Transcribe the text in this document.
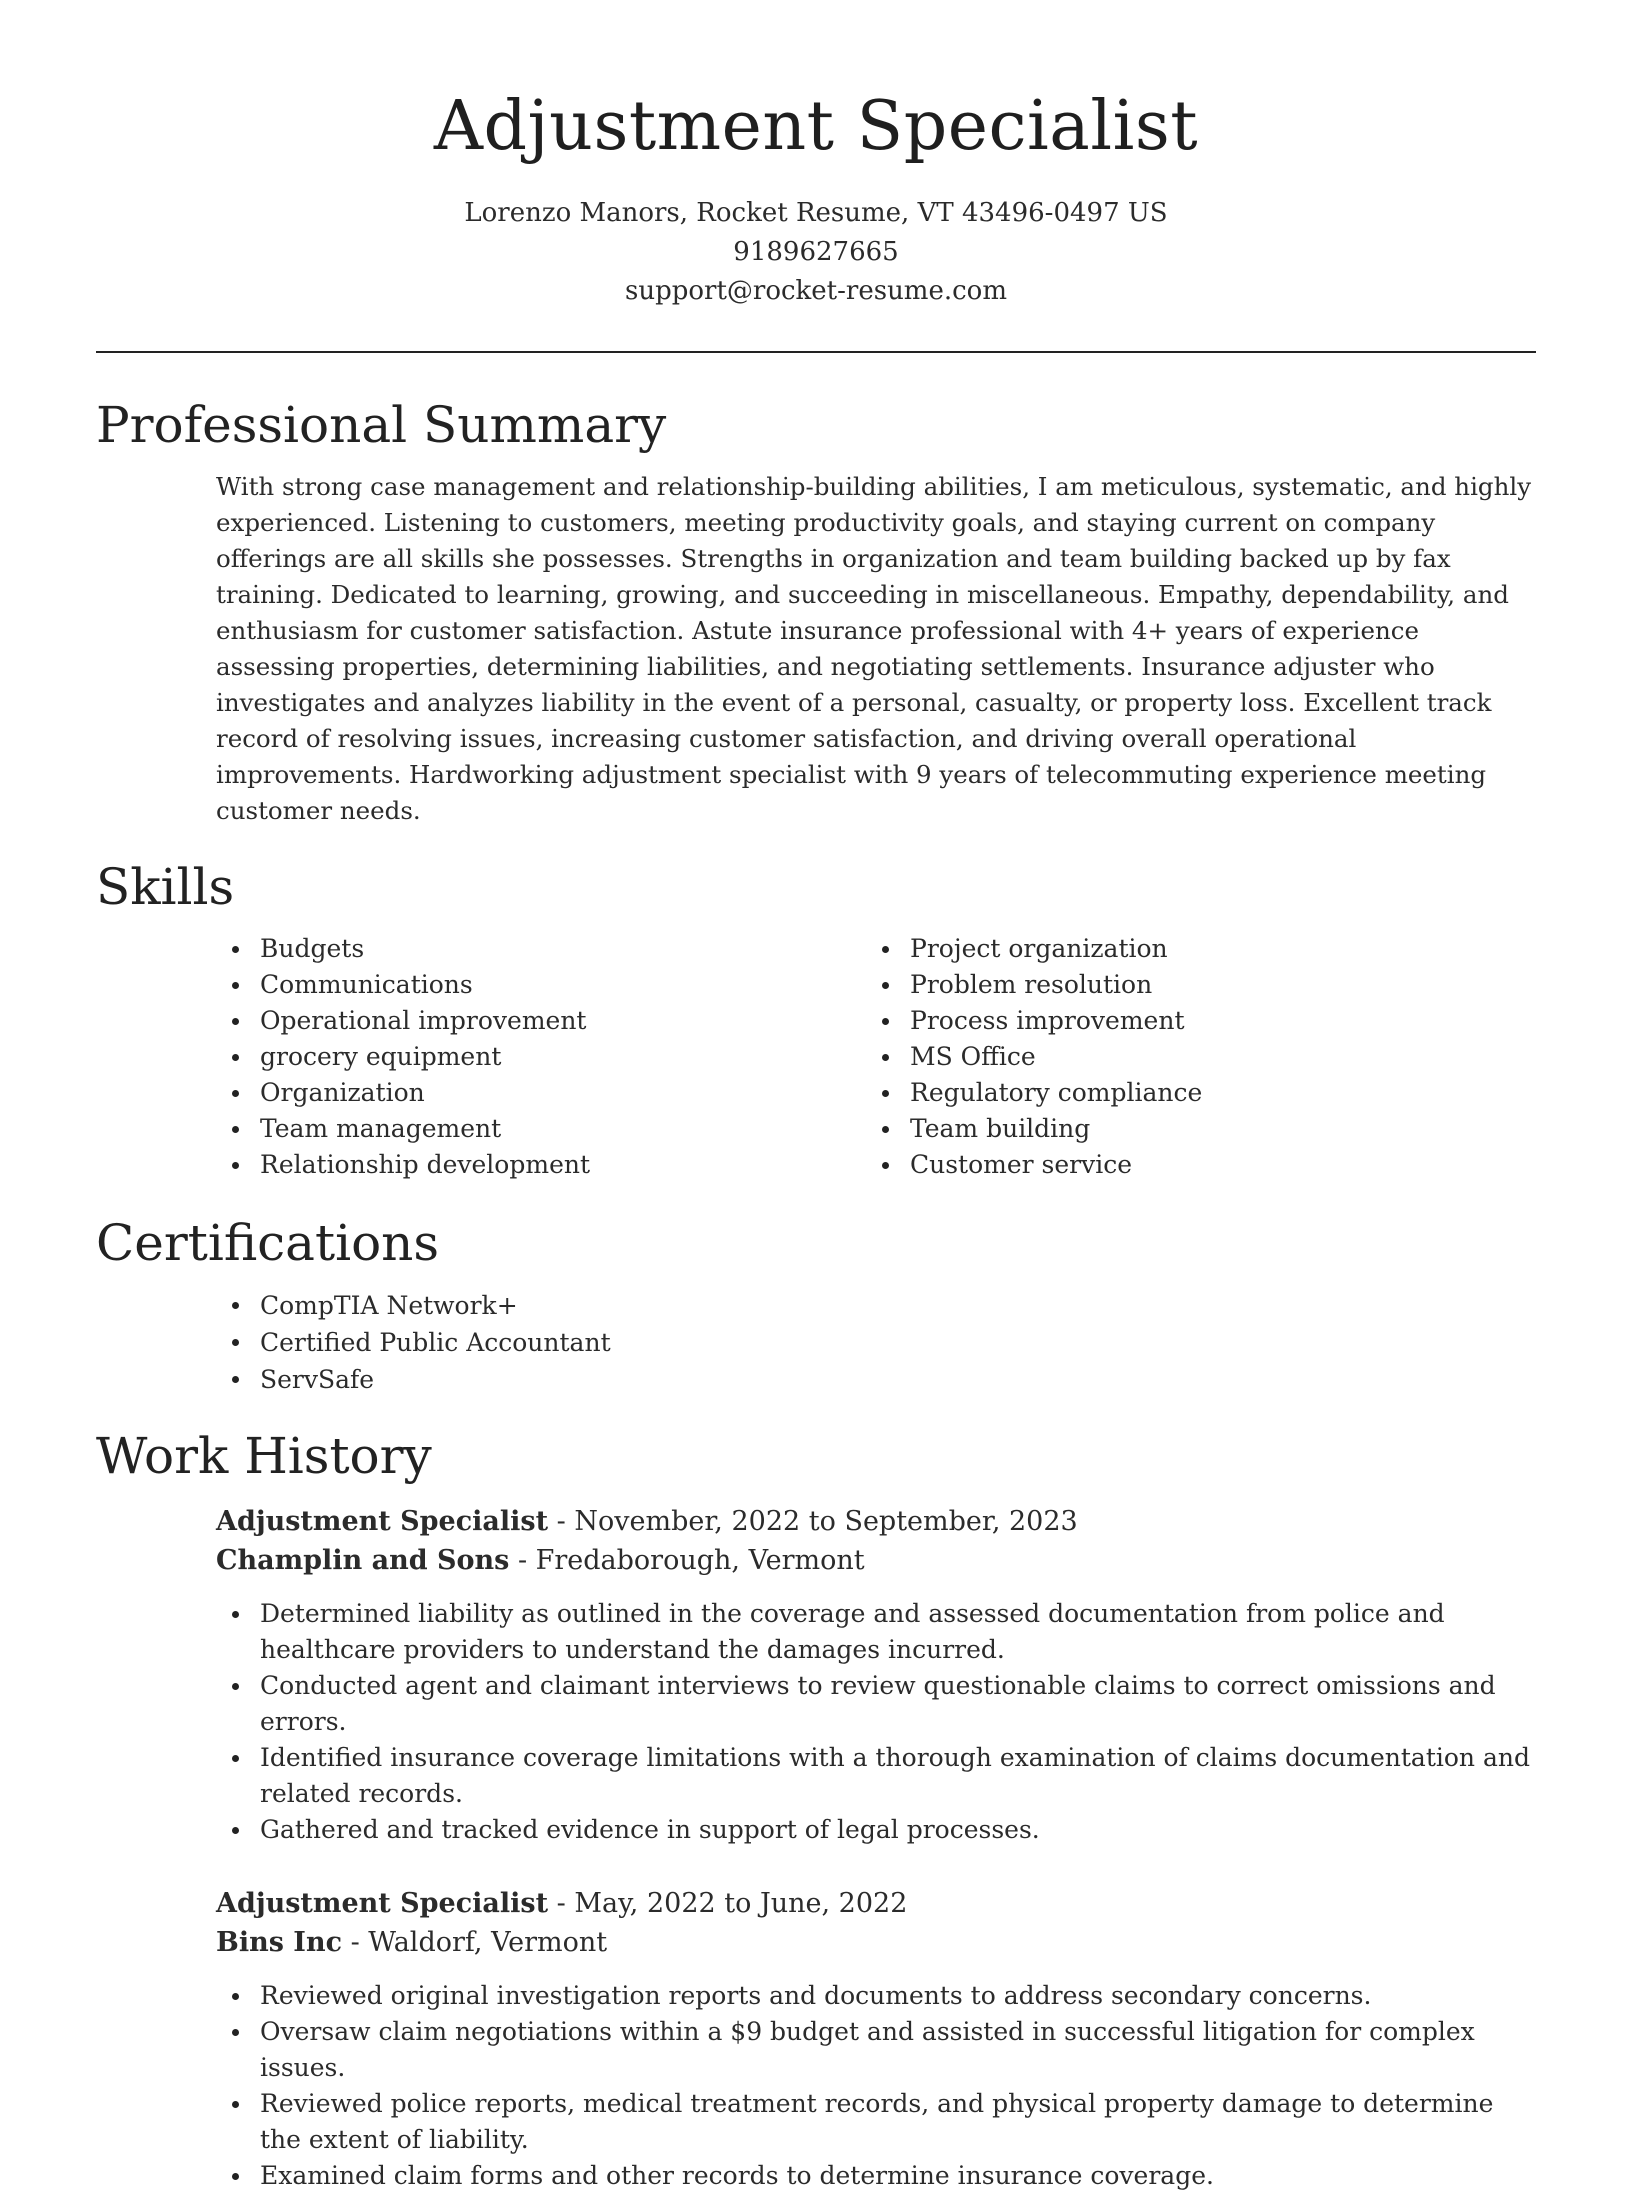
Adjustment Specialist
Lorenzo Manors, Rocket Resume, VT 43496-0497 US
9189627665
support@rocket-resume.com
Professional Summary

With strong case management and relationship-building abilities, I am meticulous, systematic, and highly experienced. Listening to customers, meeting productivity goals, and staying current on company offerings are all skills she possesses. Strengths in organization and team building backed up by fax training. Dedicated to learning, growing, and succeeding in miscellaneous. Empathy, dependability, and enthusiasm for customer satisfaction. Astute insurance professional with 4+ years of experience assessing properties, determining liabilities, and negotiating settlements. Insurance adjuster who investigates and analyzes liability in the event of a personal, casualty, or property loss. Excellent track record of resolving issues, increasing customer satisfaction, and driving overall operational improvements. Hardworking adjustment specialist with 9 years of telecommuting experience meeting customer needs.

Skills
Budgets
Communications
Operational improvement
grocery equipment
Organization
Team management
Relationship development
Project organization
Problem resolution
Process improvement
MS Office
Regulatory compliance
Team building
Customer service
Certifications
CompTIA Network+
Certified Public Accountant
ServSafe
Work History
Adjustment Specialist - November, 2022 to September, 2023
Champlin and Sons - Fredaborough, Vermont
Determined liability as outlined in the coverage and assessed documentation from police and healthcare providers to understand the damages incurred.
Conducted agent and claimant interviews to review questionable claims to correct omissions and errors.
Identified insurance coverage limitations with a thorough examination of claims documentation and related records.
Gathered and tracked evidence in support of legal processes.
Adjustment Specialist - May, 2022 to June, 2022
Bins Inc - Waldorf, Vermont
Reviewed original investigation reports and documents to address secondary concerns.
Oversaw claim negotiations within a $9 budget and assisted in successful litigation for complex issues.
Reviewed police reports, medical treatment records, and physical property damage to determine the extent of liability.
Examined claim forms and other records to determine insurance coverage.
